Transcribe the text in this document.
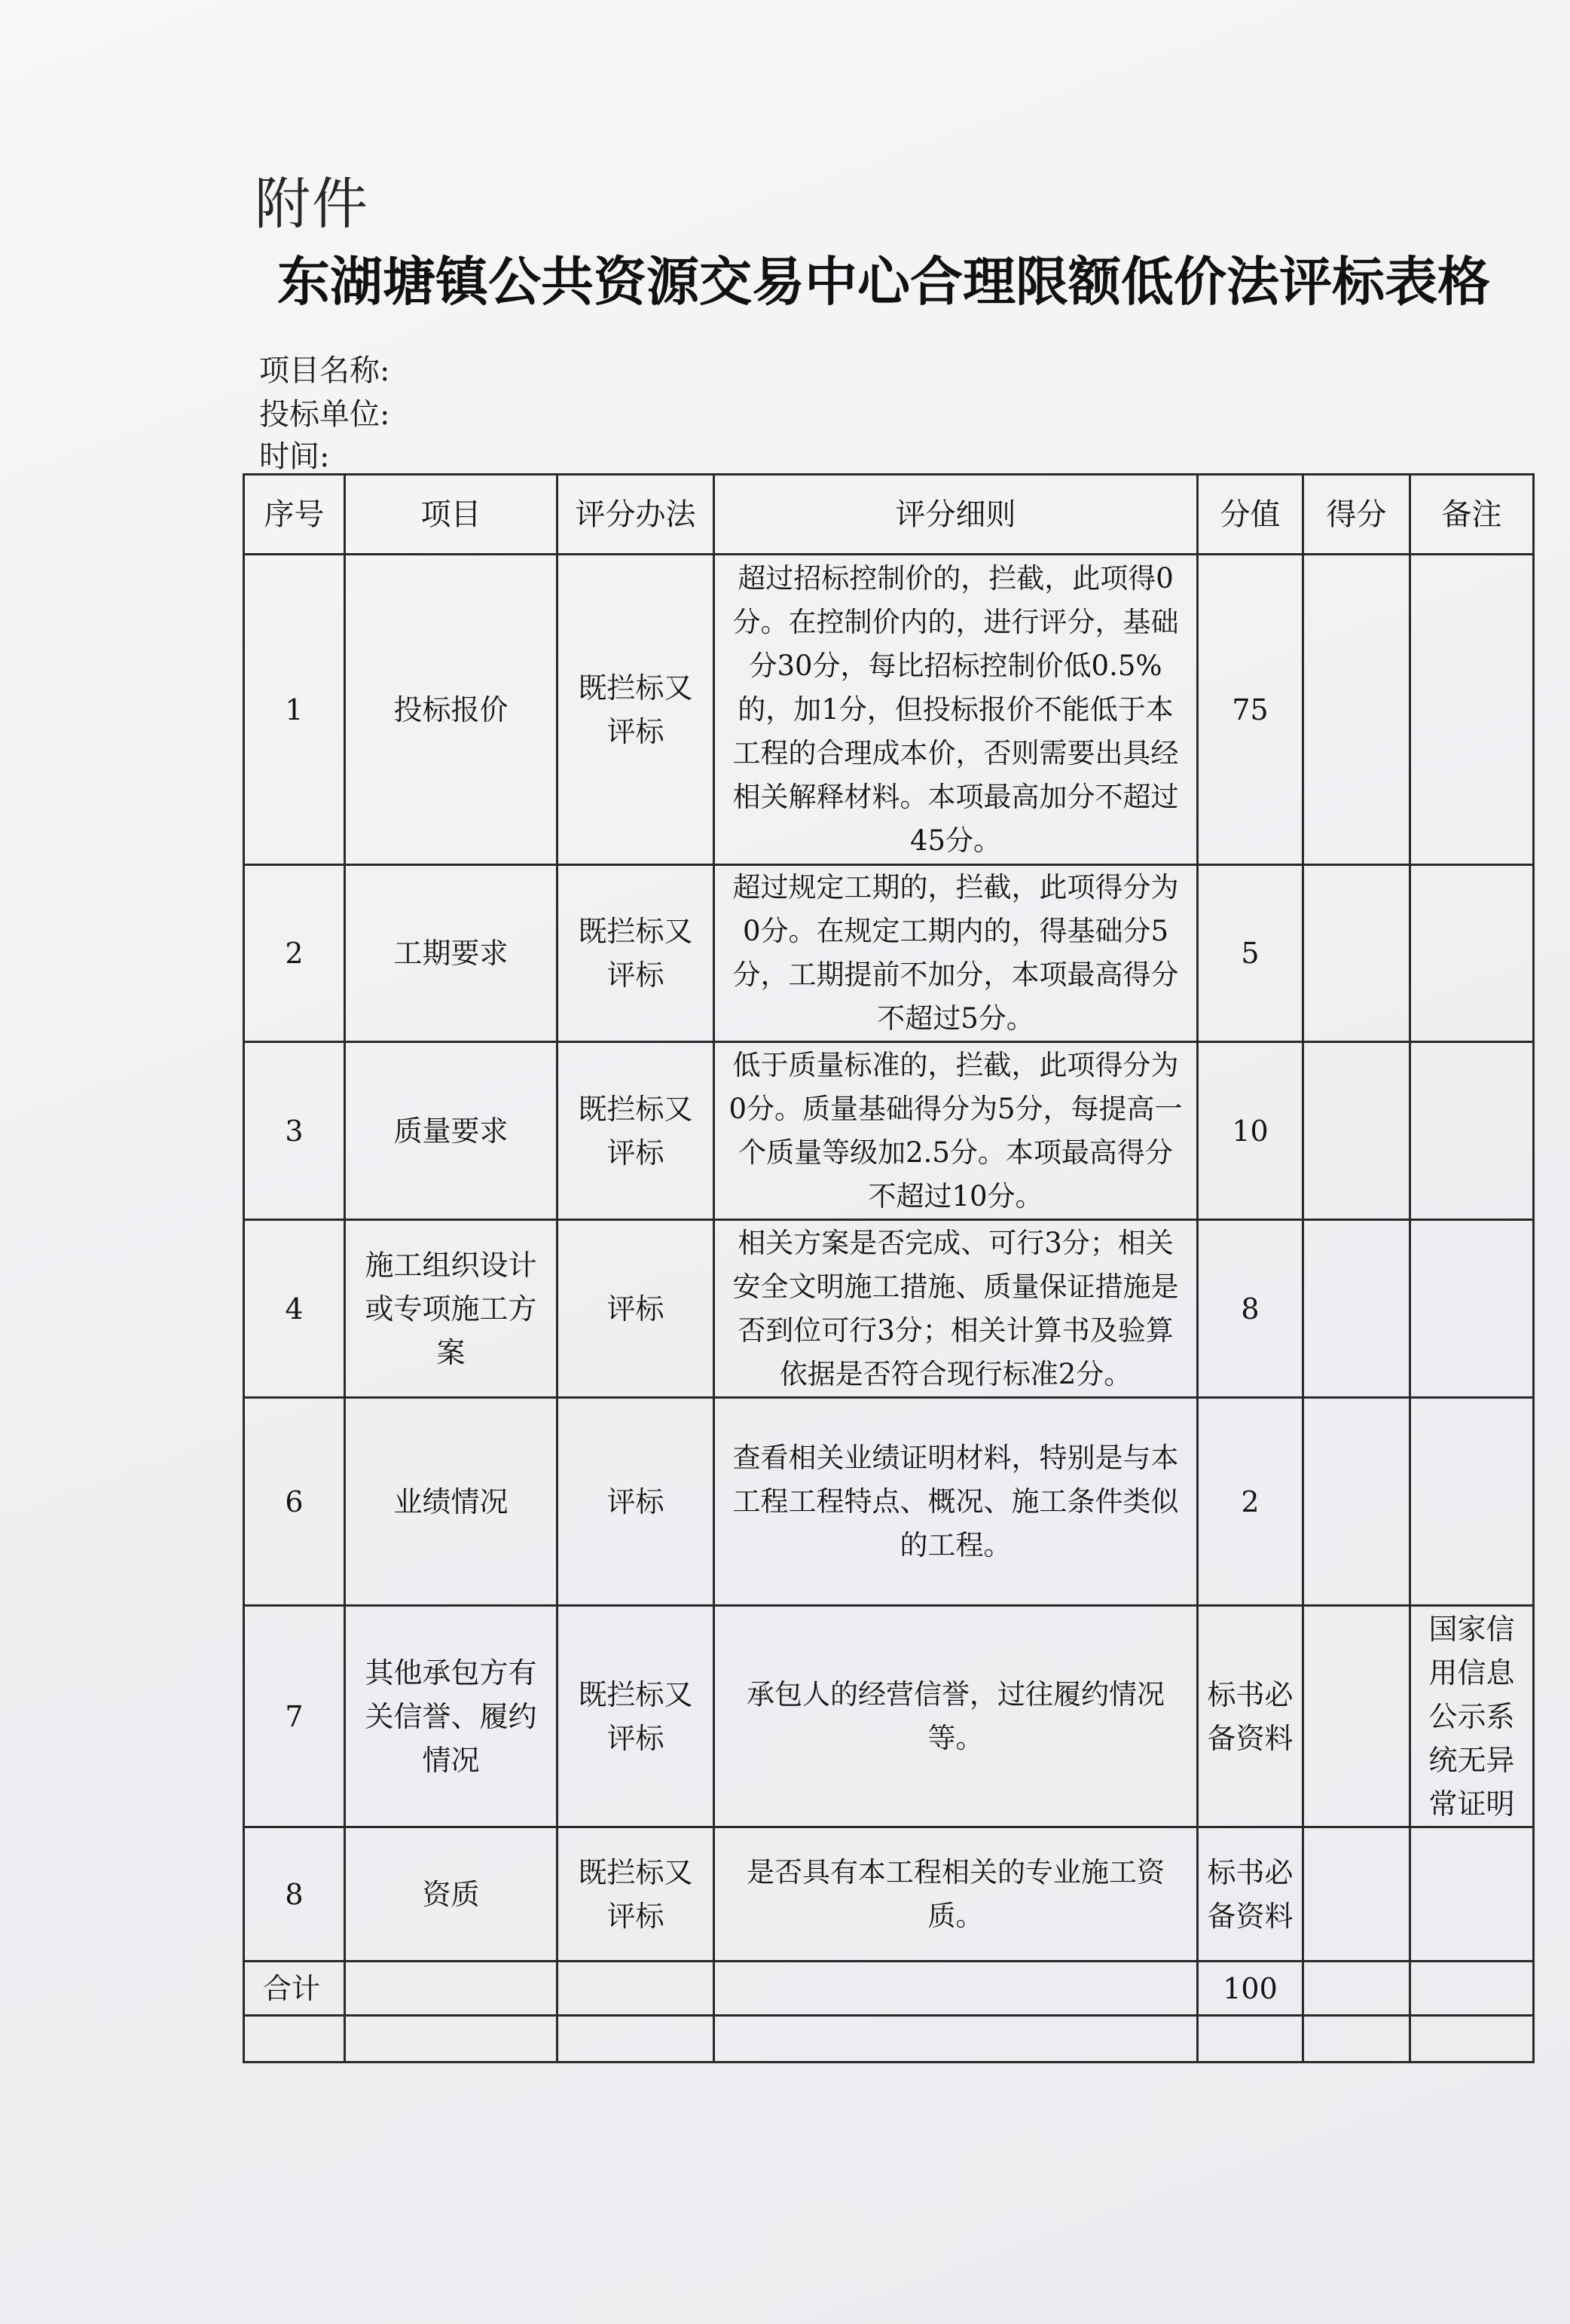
附件
东湖塘镇公共资源交易中心合理限额低价法评标表格
项目名称:
投标单位:
时间:
序号	项目	评分办法	评分细则	分值	得分	备注
1	投标报价	既拦标又评标	超过招标控制价的，拦截，此项得0分。在控制价内的，进行评分，基础分30分，每比招标控制价低0.5%的，加1分，但投标报价不能低于本工程的合理成本价，否则需要出具经相关解释材料。本项最高加分不超过45分。	75		
2	工期要求	既拦标又评标	超过规定工期的，拦截，此项得分为0分。在规定工期内的，得基础分5分，工期提前不加分，本项最高得分不超过5分。	5		
3	质量要求	既拦标又评标	低于质量标准的，拦截，此项得分为0分。质量基础得分为5分，每提高一个质量等级加2.5分。本项最高得分不超过10分。	10		
4	施工组织设计或专项施工方案	评标	相关方案是否完成、可行3分；相关安全文明施工措施、质量保证措施是否到位可行3分；相关计算书及验算依据是否符合现行标准2分。	8		
6	业绩情况	评标	查看相关业绩证明材料，特别是与本工程工程特点、概况、施工条件类似的工程。	2		
7	其他承包方有关信誉、履约情况	既拦标又评标	承包人的经营信誉，过往履约情况等。	标书必备资料		国家信用信息公示系统无异常证明
8	资质	既拦标又评标	是否具有本工程相关的专业施工资质。	标书必备资料		
合计				100		
